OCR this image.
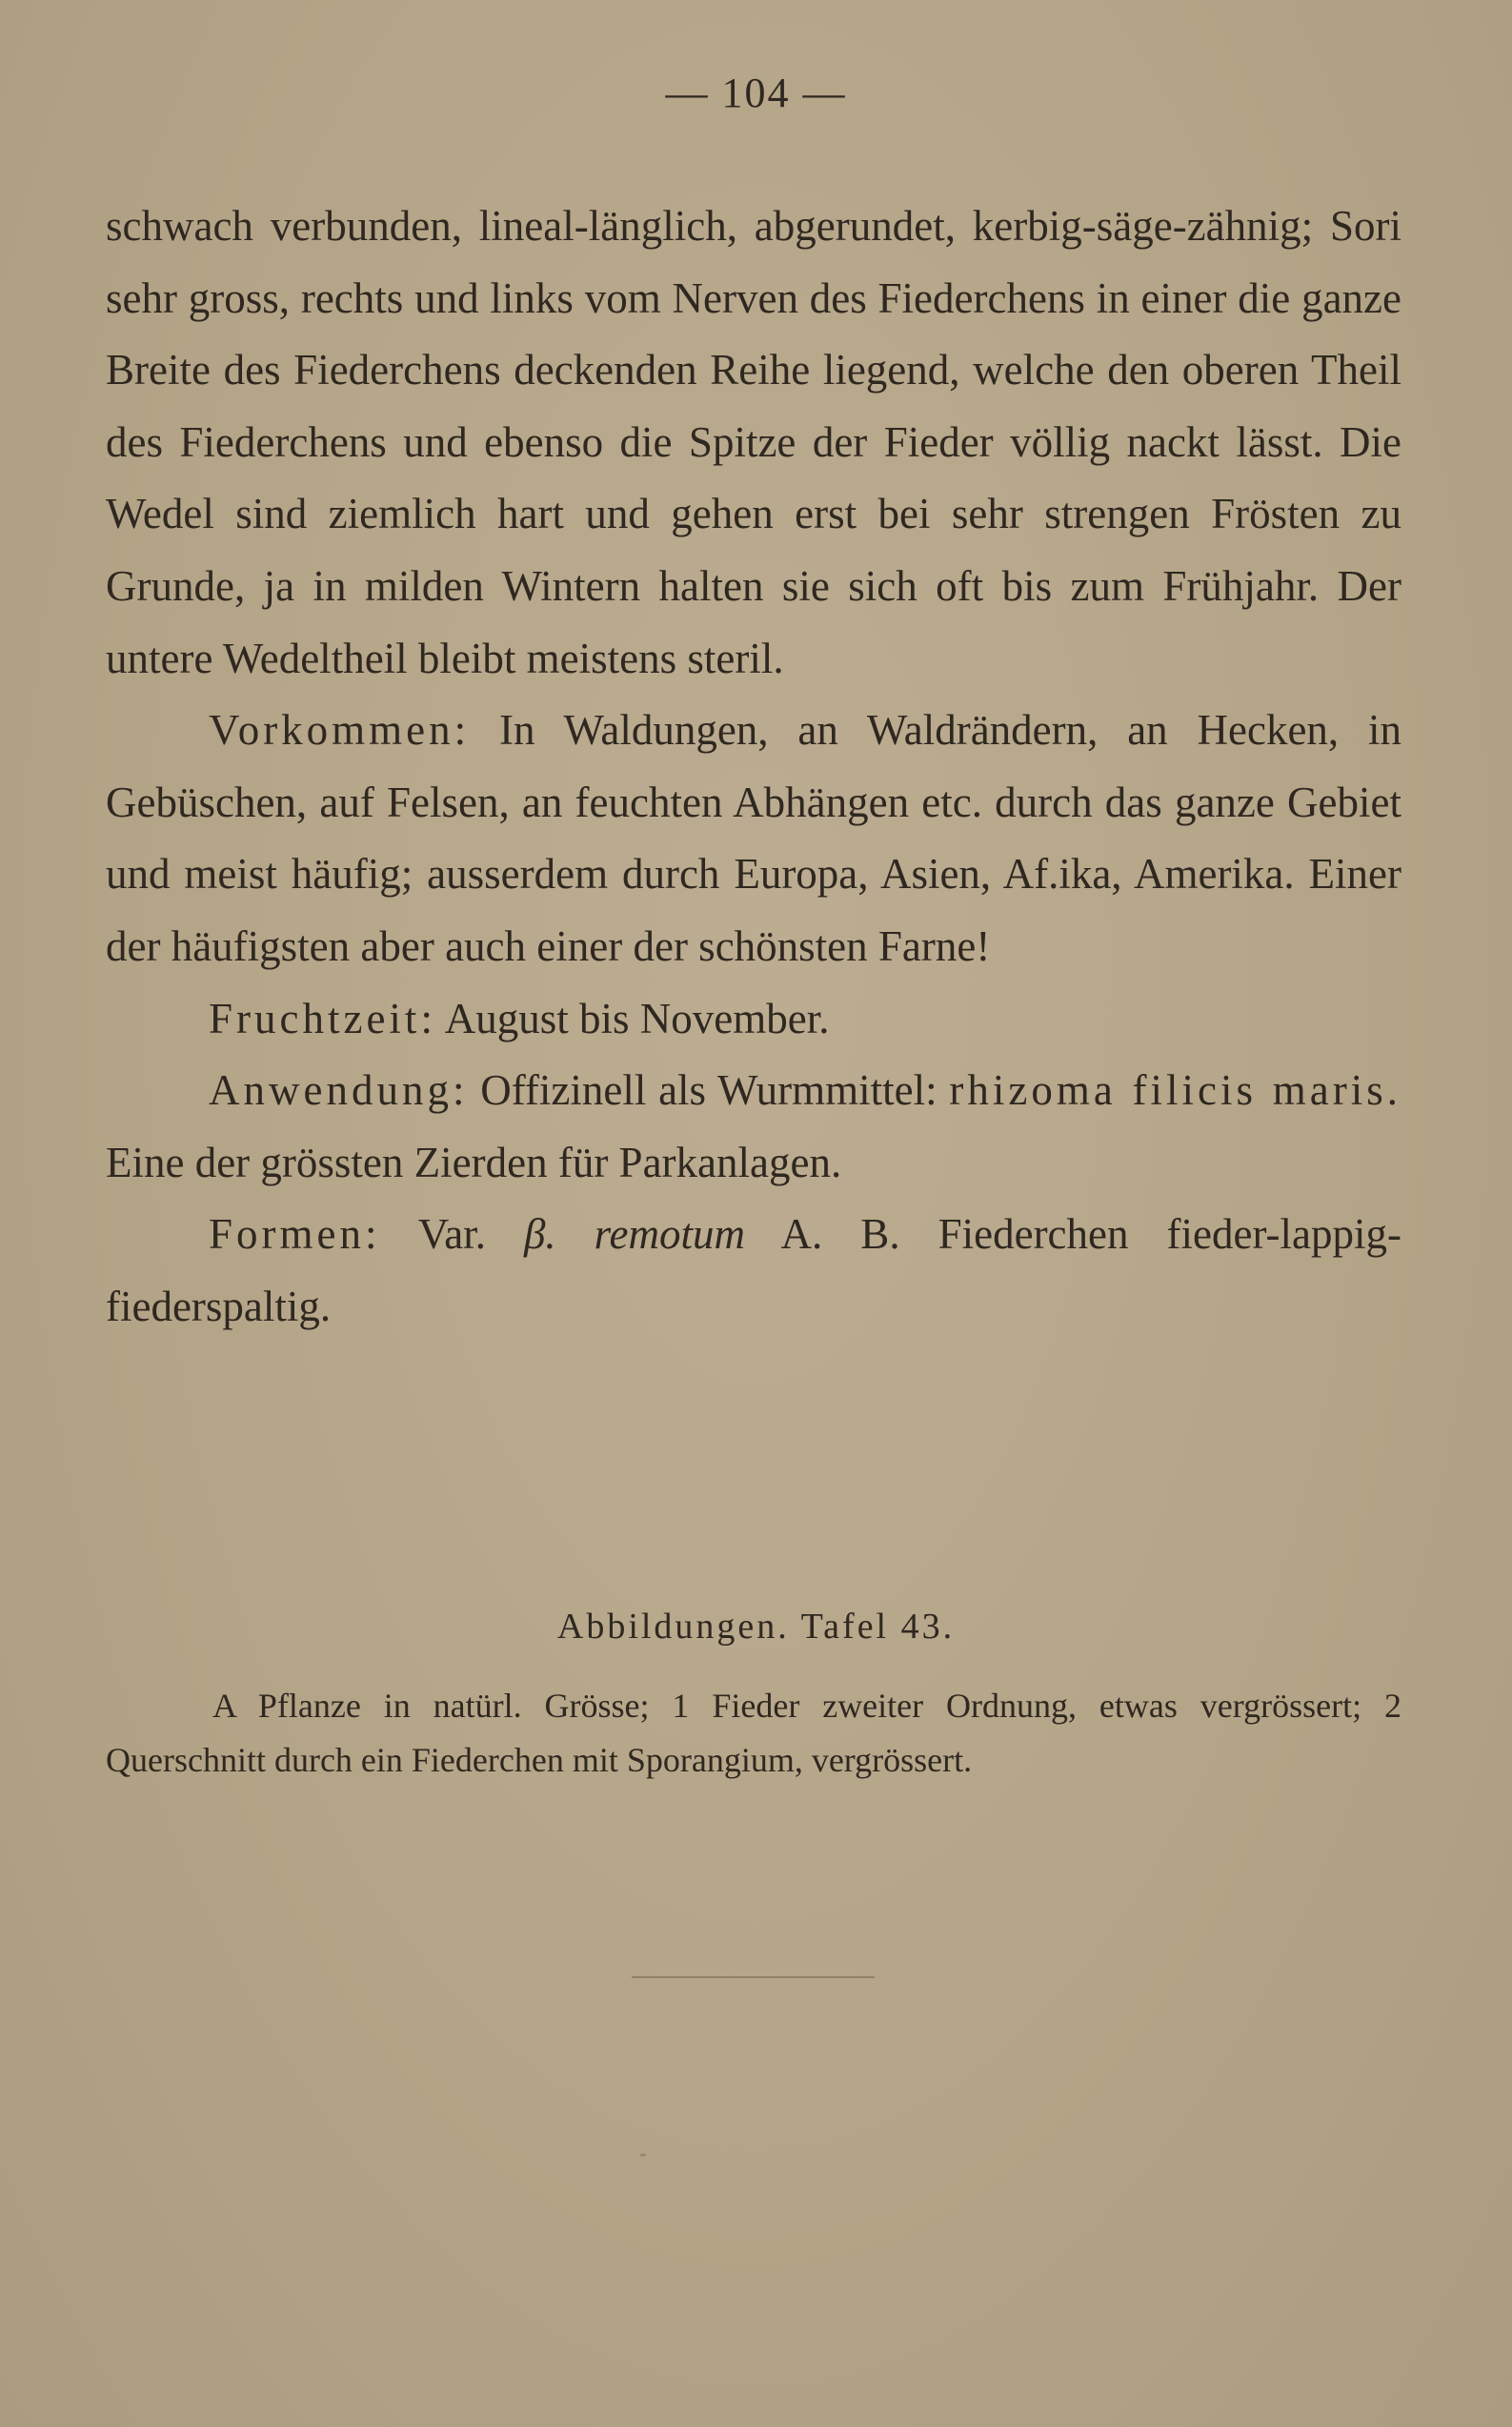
— 104 —

schwach verbunden, lineal-länglich, abgerundet, kerbig-säge-zähnig; Sori sehr gross, rechts und links vom Nerven des Fiederchens in einer die ganze Breite des Fiederchens deckenden Reihe liegend, welche den oberen Theil des Fiederchens und ebenso die Spitze der Fieder völlig nackt lässt. Die Wedel sind ziemlich hart und gehen erst bei sehr strengen Frösten zu Grunde, ja in milden Wintern halten sie sich oft bis zum Frühjahr. Der untere Wedeltheil bleibt meistens steril.

Vorkommen: In Waldungen, an Waldrändern, an Hecken, in Gebüschen, auf Felsen, an feuchten Abhängen etc. durch das ganze Gebiet und meist häufig; ausserdem durch Europa, Asien, Af.ika, Amerika. Einer der häufigsten aber auch einer der schönsten Farne!

Fruchtzeit: August bis November.

Anwendung: Offizinell als Wurmmittel: rhizoma filicis maris. Eine der grössten Zierden für Parkanlagen.

Formen: Var. β. remotum A. B. Fiederchen fieder-lappig-fiederspaltig.

Abbildungen. Tafel 43.
A Pflanze in natürl. Grösse; 1 Fieder zweiter Ordnung, etwas vergrössert; 2 Querschnitt durch ein Fiederchen mit Sporangium, vergrössert.
